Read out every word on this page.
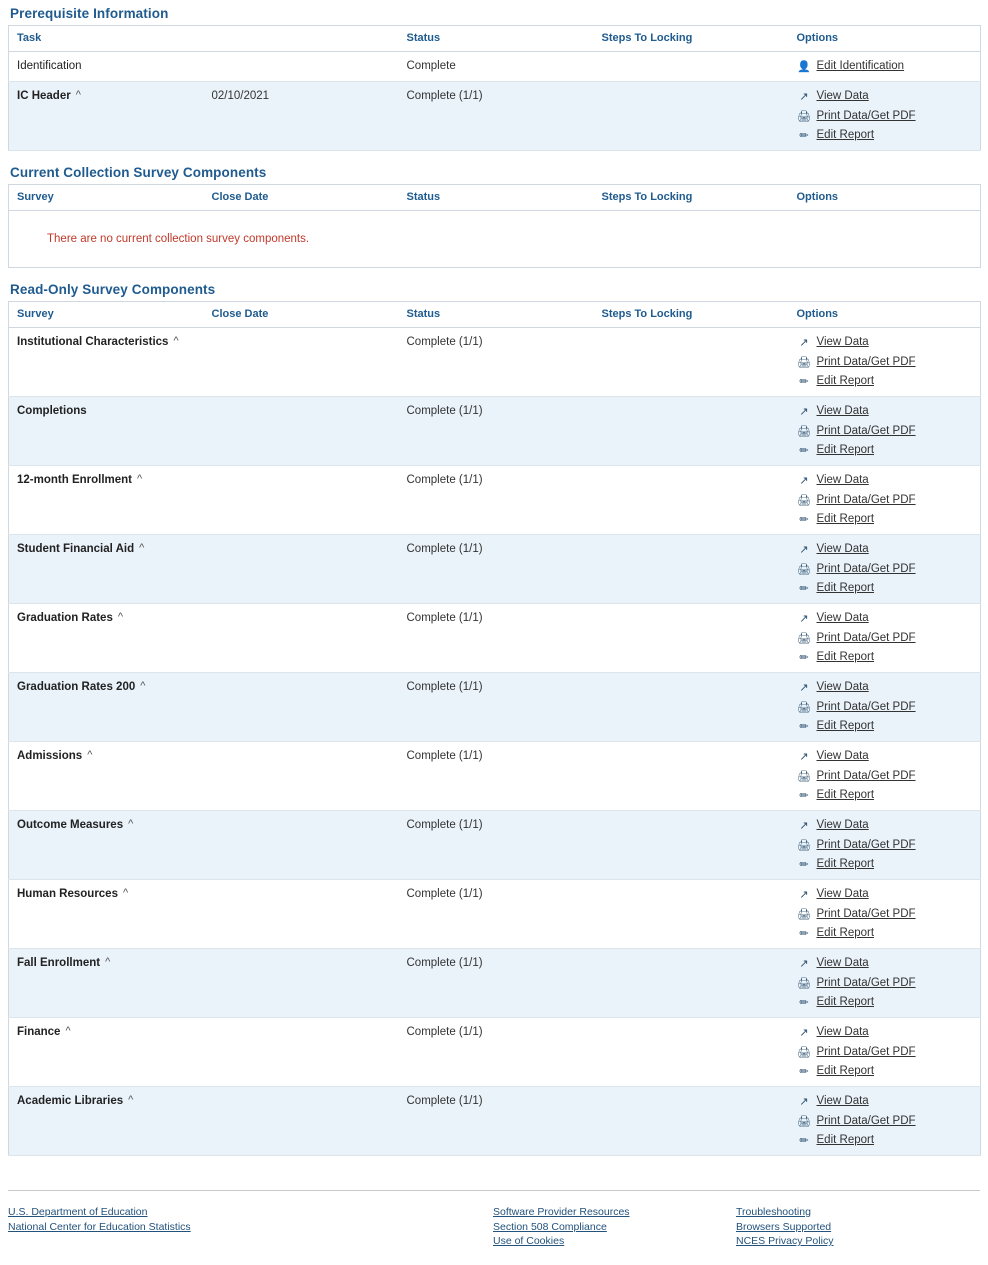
Prerequisite Information
Task		Status	Steps To Locking	Options
Identification		Complete		👤 Edit Identification

IC Header ^	02/10/2021	Complete (1/1)		↗ View Data
🖨 Print Data/Get PDF
✏ Edit Report
Current Collection Survey Components
Survey	Close Date	Status	Steps To Locking	Options

There are no current collection survey components.
Read-Only Survey Components
Survey	Close Date	Status	Steps To Locking	Options
Institutional Characteristics ^		Complete (1/1)		↗ View Data
🖨 Print Data/Get PDF
✏ Edit Report

Completions		Complete (1/1)		↗ View Data
🖨 Print Data/Get PDF
✏ Edit Report

12-month Enrollment ^		Complete (1/1)		↗ View Data
🖨 Print Data/Get PDF
✏ Edit Report

Student Financial Aid ^		Complete (1/1)		↗ View Data
🖨 Print Data/Get PDF
✏ Edit Report

Graduation Rates ^		Complete (1/1)		↗ View Data
🖨 Print Data/Get PDF
✏ Edit Report

Graduation Rates 200 ^		Complete (1/1)		↗ View Data
🖨 Print Data/Get PDF
✏ Edit Report

Admissions ^		Complete (1/1)		↗ View Data
🖨 Print Data/Get PDF
✏ Edit Report

Outcome Measures ^		Complete (1/1)		↗ View Data
🖨 Print Data/Get PDF
✏ Edit Report

Human Resources ^		Complete (1/1)		↗ View Data
🖨 Print Data/Get PDF
✏ Edit Report

Fall Enrollment ^		Complete (1/1)		↗ View Data
🖨 Print Data/Get PDF
✏ Edit Report

Finance ^		Complete (1/1)		↗ View Data
🖨 Print Data/Get PDF
✏ Edit Report

Academic Libraries ^		Complete (1/1)		↗ View Data
🖨 Print Data/Get PDF
✏ Edit Report
U.S. Department of Education
National Center for Education Statistics
Software Provider Resources
Section 508 Compliance
Use of Cookies
Troubleshooting
Browsers Supported
NCES Privacy Policy
